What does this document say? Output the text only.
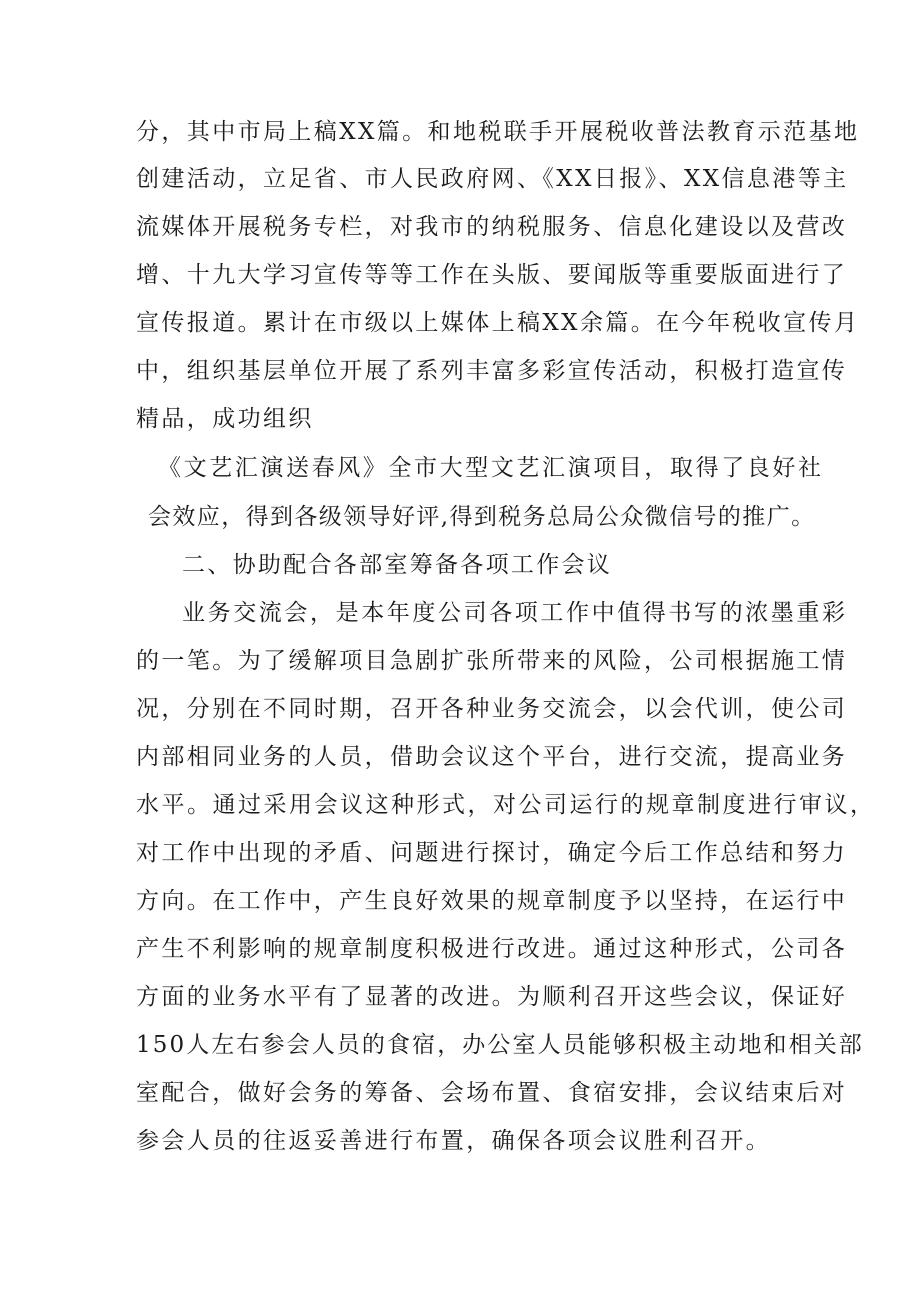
分，其中市局上稿XX篇。和地税联手开展税收普法教育示范基地
创建活动，立足省、市人民政府网、《XX日报》、XX信息港等主
流媒体开展税务专栏，对我市的纳税服务、信息化建设以及营改
增、十九大学习宣传等等工作在头版、要闻版等重要版面进行了
宣传报道。累计在市级以上媒体上稿XX余篇。在今年税收宣传月
中，组织基层单位开展了系列丰富多彩宣传活动，积极打造宣传
精品，成功组织
《文艺汇演送春风》全市大型文艺汇演项目，取得了良好社
会效应，得到各级领导好评,得到税务总局公众微信号的推广。
二、协助配合各部室筹备各项工作会议
业务交流会，是本年度公司各项工作中值得书写的浓墨重彩
的一笔。为了缓解项目急剧扩张所带来的风险，公司根据施工情
况，分别在不同时期，召开各种业务交流会，以会代训，使公司
内部相同业务的人员，借助会议这个平台，进行交流，提高业务
水平。通过采用会议这种形式，对公司运行的规章制度进行审议，
对工作中出现的矛盾、问题进行探讨，确定今后工作总结和努力
方向。在工作中，产生良好效果的规章制度予以坚持，在运行中
产生不利影响的规章制度积极进行改进。通过这种形式，公司各
方面的业务水平有了显著的改进。为顺利召开这些会议，保证好
150人左右参会人员的食宿，办公室人员能够积极主动地和相关部
室配合，做好会务的筹备、会场布置、食宿安排，会议结束后对
参会人员的往返妥善进行布置，确保各项会议胜利召开。
